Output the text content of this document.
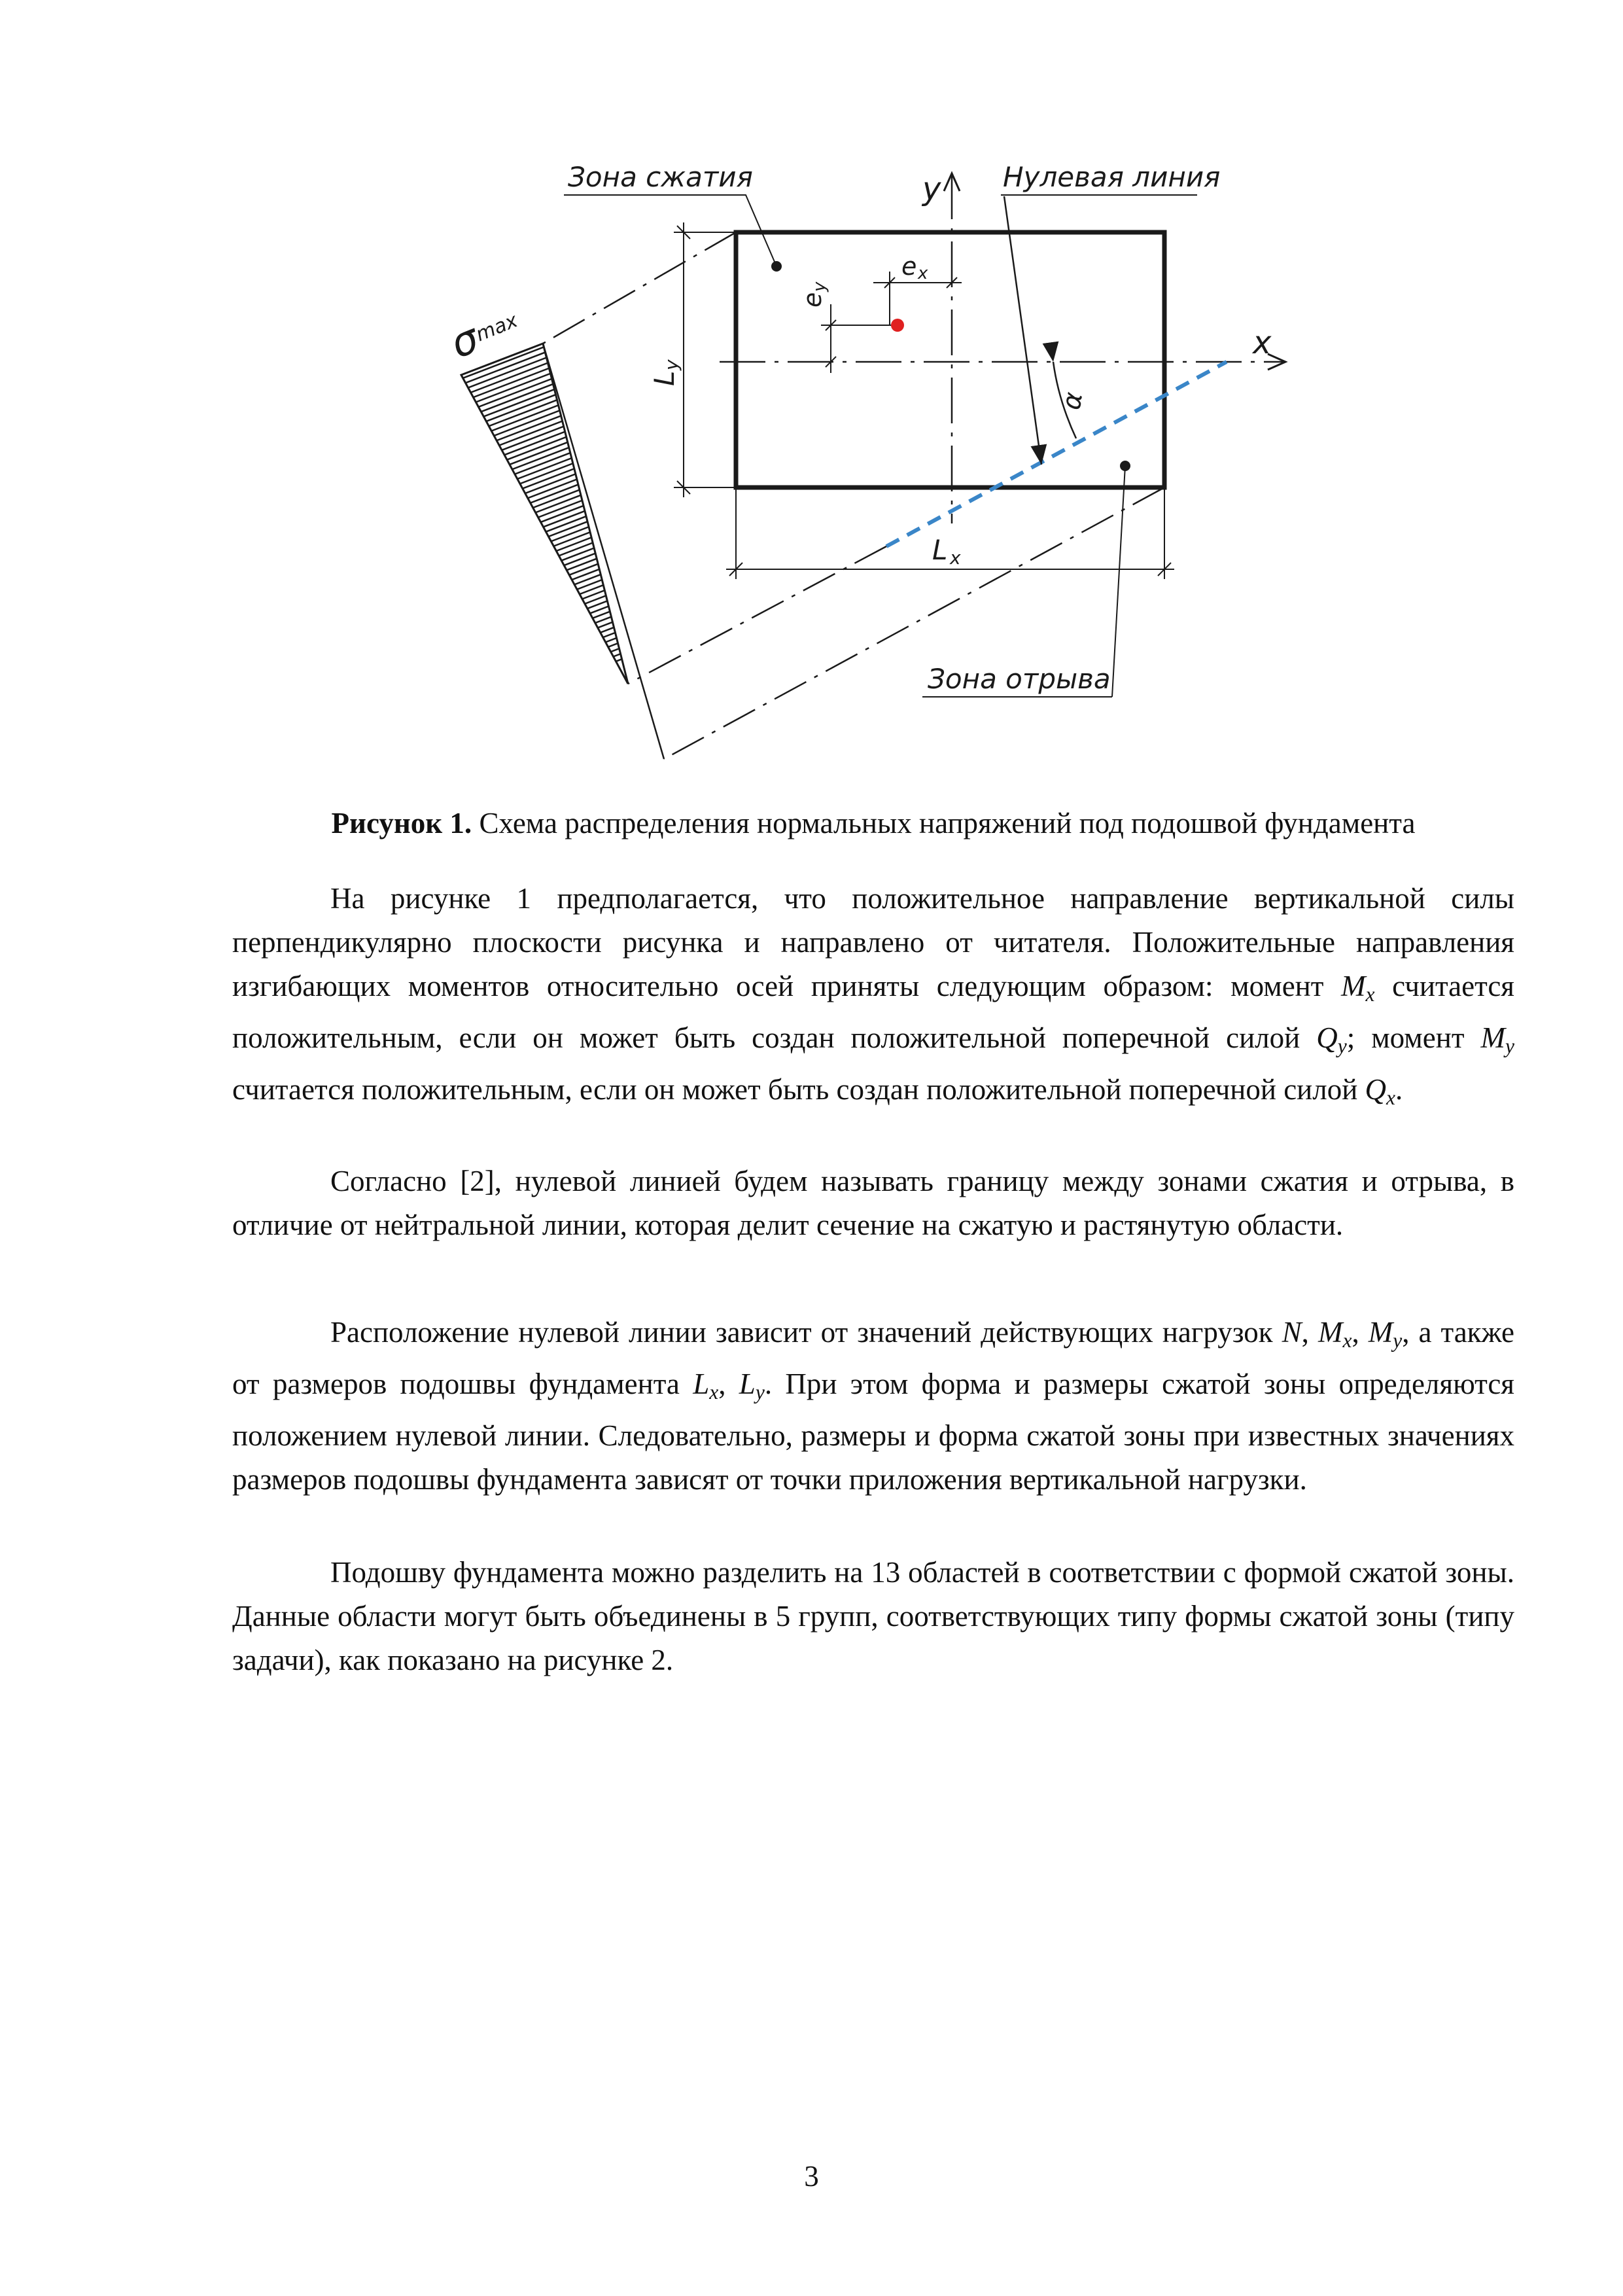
Зона сжатия	Нулевая линия
Зона отрыва
x
y
σ
max
L
y
L x
e x
e
y
α
Рисунок 1. Схема распределения нормальных напряжений под подошвой фундамента

На рисунке 1 предполагается, что положительное направление вертикальной силы перпендикулярно плоскости рисунка и направлено от читателя. Положительные направления изгибающих моментов относительно осей приняты следующим образом: момент $M_x$ считается положительным, если он может быть создан положительной поперечной силой $Q_y$; момент $M_y$ считается положительным, если он может быть создан положительной поперечной силой $Q_x$.

Согласно [2], нулевой линией будем называть границу между зонами сжатия и отрыва, в отличие от нейтральной линии, которая делит сечение на сжатую и растянутую области.

Расположение нулевой линии зависит от значений действующих нагрузок N, $M_x$, $M_y$, а также от размеров подошвы фундамента $L_x$, $L_y$. При этом форма и размеры сжатой зоны определяются положением нулевой линии. Следовательно, размеры и форма сжатой зоны при известных значениях размеров подошвы фундамента зависят от точки приложения вертикальной нагрузки.

Подошву фундамента можно разделить на 13 областей в соответствии с формой сжатой зоны. Данные области могут быть объединены в 5 групп, соответствующих типу формы сжатой зоны (типу задачи), как показано на рисунке 2.

3
